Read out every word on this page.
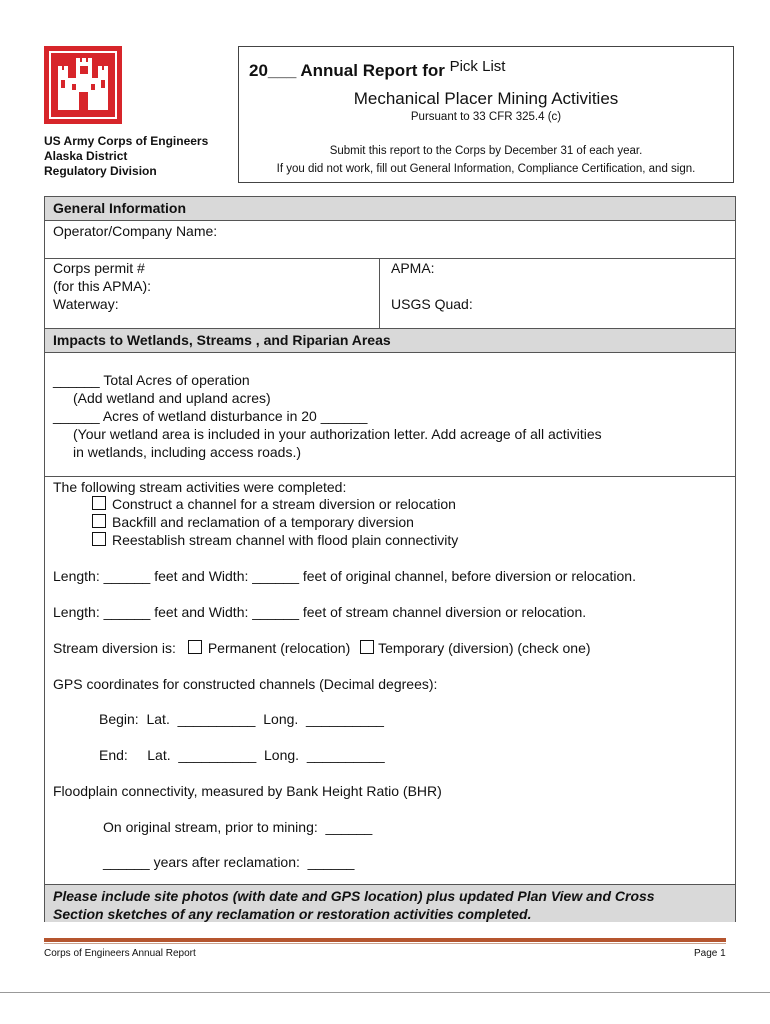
US Army Corps of Engineers
Alaska District
Regulatory Division
20___ Annual Report for Pick List
Mechanical Placer Mining Activities
Pursuant to 33 CFR 325.4 (c)
Submit this report to the Corps by December 31 of each year.
If you did not work, fill out General Information, Compliance Certification, and sign.
General Information
Operator/Company Name:
Corps permit #
(for this APMA):
APMA:
Waterway:	USGS Quad:
Impacts to Wetlands, Streams , and Riparian Areas
______ Total Acres of operation
(Add wetland and upland acres)
______ Acres of wetland disturbance in 20 ______
(Your wetland area is included in your authorization letter. Add acreage of all activities
in wetlands, including access roads.)
The following stream activities were completed:
Construct a channel for a stream diversion or relocation
Backfill and reclamation of a temporary diversion
Reestablish stream channel with flood plain connectivity
Length: ______ feet and Width: ______ feet of original channel, before diversion or relocation.
Length: ______ feet and Width: ______ feet of stream channel diversion or relocation.
Stream diversion is: Permanent (relocation) Temporary (diversion) (check one)
GPS coordinates for constructed channels (Decimal degrees):
Begin:  Lat.  __________  Long.  __________
End:     Lat.  __________  Long.  __________
Floodplain connectivity, measured by Bank Height Ratio (BHR)
On original stream, prior to mining:  ______
______ years after reclamation:  ______
Please include site photos (with date and GPS location) plus updated Plan View and Cross
Section sketches of any reclamation or restoration activities completed.
Corps of Engineers Annual Report	Page 1
